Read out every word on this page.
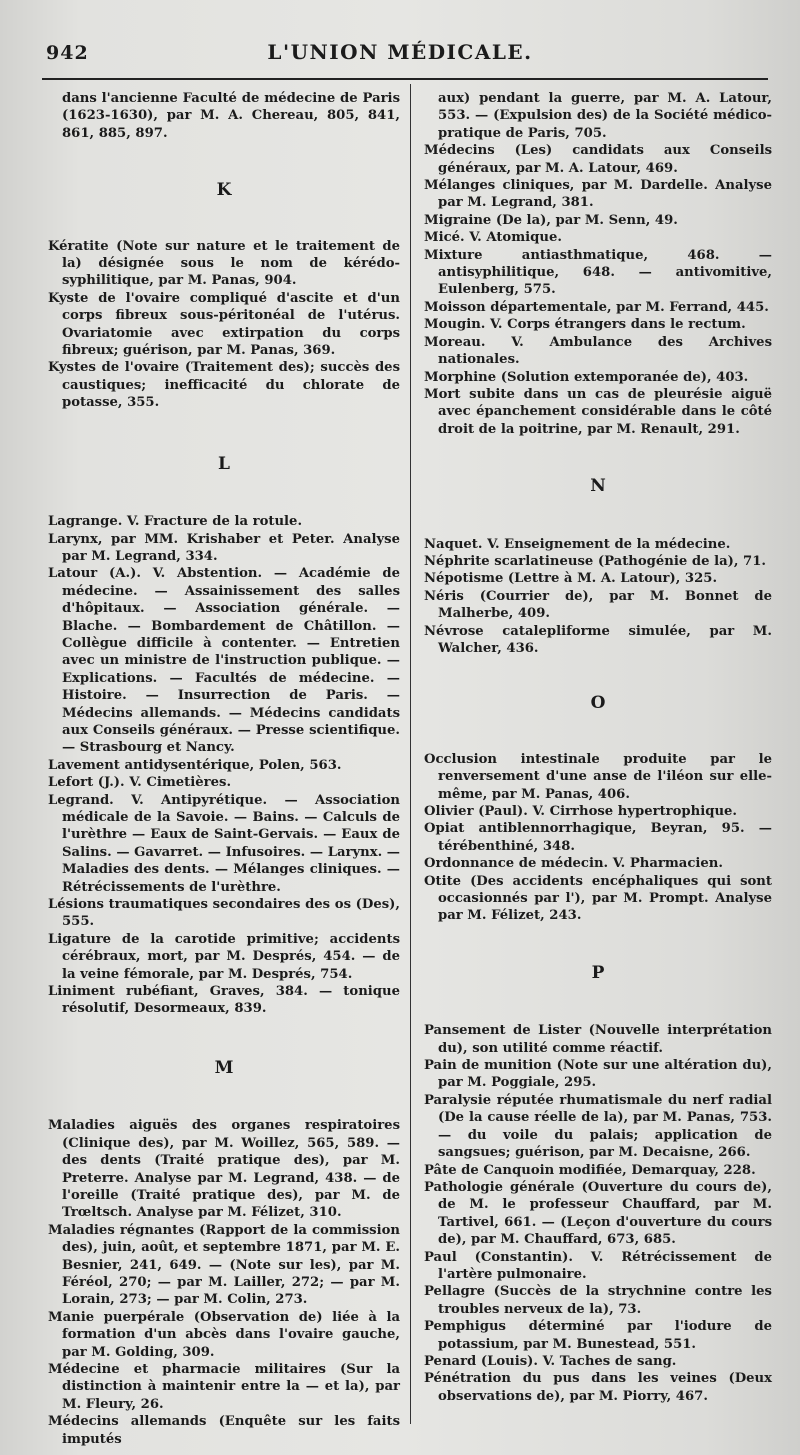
942	L'UNION MÉDICALE.

dans l'ancienne Faculté de médecine de Paris (1623-1630), par M. A. Chereau, 805, 841, 861, 885, 897.

K

Kératite (Note sur nature et le traitement de la) désignée sous le nom de kérédo-syphilitique, par M. Panas, 904.

Kyste de l'ovaire compliqué d'ascite et d'un corps fibreux sous-péritonéal de l'utérus. Ovariatomie avec extirpation du corps fibreux; guérison, par M. Panas, 369.

Kystes de l'ovaire (Traitement des); succès des caustiques; inefficacité du chlorate de potasse, 355.

L

Lagrange. V. Fracture de la rotule.

Larynx, par MM. Krishaber et Peter. Analyse par M. Legrand, 334.

Latour (A.). V. Abstention. — Académie de médecine. — Assainissement des salles d'hôpitaux. — Association générale. — Blache. — Bombardement de Châtillon. — Collègue difficile à contenter. — Entretien avec un ministre de l'instruction publique. — Explications. — Facultés de médecine. — Histoire. — Insurrection de Paris. — Médecins allemands. — Médecins candidats aux Conseils généraux. — Presse scientifique. — Strasbourg et Nancy.

Lavement antidysentérique, Polen, 563.

Lefort (J.). V. Cimetières.

Legrand. V. Antipyrétique. — Association médicale de la Savoie. — Bains. — Calculs de l'urèthre — Eaux de Saint-Gervais. — Eaux de Salins. — Gavarret. — Infusoires. — Larynx. — Maladies des dents. — Mélanges cliniques. — Rétrécissements de l'urèthre.

Lésions traumatiques secondaires des os (Des), 555.

Ligature de la carotide primitive; accidents cérébraux, mort, par M. Després, 454. — de la veine fémorale, par M. Després, 754.

Liniment rubéfiant, Graves, 384. — tonique résolutif, Desormeaux, 839.

M

Maladies aiguës des organes respiratoires (Clinique des), par M. Woillez, 565, 589. — des dents (Traité pratique des), par M. Preterre. Analyse par M. Legrand, 438. — de l'oreille (Traité pratique des), par M. de Trœltsch. Analyse par M. Félizet, 310.

Maladies régnantes (Rapport de la commission des), juin, août, et septembre 1871, par M. E. Besnier, 241, 649. — (Note sur les), par M. Féréol, 270; — par M. Lailler, 272; — par M. Lorain, 273; — par M. Colin, 273.

Manie puerpérale (Observation de) liée à la formation d'un abcès dans l'ovaire gauche, par M. Golding, 309.

Médecine et pharmacie militaires (Sur la distinction à maintenir entre la — et la), par M. Fleury, 26.

Médecins allemands (Enquête sur les faits imputés

aux) pendant la guerre, par M. A. Latour, 553. — (Expulsion des) de la Société médico-pratique de Paris, 705.

Médecins (Les) candidats aux Conseils généraux, par M. A. Latour, 469.

Mélanges cliniques, par M. Dardelle. Analyse par M. Legrand, 381.

Migraine (De la), par M. Senn, 49.

Micé. V. Atomique.

Mixture antiasthmatique, 468. — antisyphilitique, 648. — antivomitive, Eulenberg, 575.

Moisson départementale, par M. Ferrand, 445.

Mougin. V. Corps étrangers dans le rectum.

Moreau. V. Ambulance des Archives nationales.

Morphine (Solution extemporanée de), 403.

Mort subite dans un cas de pleurésie aiguë avec épanchement considérable dans le côté droit de la poitrine, par M. Renault, 291.

N

Naquet. V. Enseignement de la médecine.

Néphrite scarlatineuse (Pathogénie de la), 71.

Népotisme (Lettre à M. A. Latour), 325.

Néris (Courrier de), par M. Bonnet de Malherbe, 409.

Névrose catalepliforme simulée, par M. Walcher, 436.

O

Occlusion intestinale produite par le renversement d'une anse de l'iléon sur elle-même, par M. Panas, 406.

Olivier (Paul). V. Cirrhose hypertrophique.

Opiat antiblennorrhagique, Beyran, 95. — térébenthiné, 348.

Ordonnance de médecin. V. Pharmacien.

Otite (Des accidents encéphaliques qui sont occasionnés par l'), par M. Prompt. Analyse par M. Félizet, 243.

P

Pansement de Lister (Nouvelle interprétation du), son utilité comme réactif.

Pain de munition (Note sur une altération du), par M. Poggiale, 295.

Paralysie réputée rhumatismale du nerf radial (De la cause réelle de la), par M. Panas, 753. — du voile du palais; application de sangsues; guérison, par M. Decaisne, 266.

Pâte de Canquoin modifiée, Demarquay, 228.

Pathologie générale (Ouverture du cours de), de M. le professeur Chauffard, par M. Tartivel, 661. — (Leçon d'ouverture du cours de), par M. Chauffard, 673, 685.

Paul (Constantin). V. Rétrécissement de l'artère pulmonaire.

Pellagre (Succès de la strychnine contre les troubles nerveux de la), 73.

Pemphigus déterminé par l'iodure de potassium, par M. Bunestead, 551.

Penard (Louis). V. Taches de sang.

Pénétration du pus dans les veines (Deux observations de), par M. Piorry, 467.
